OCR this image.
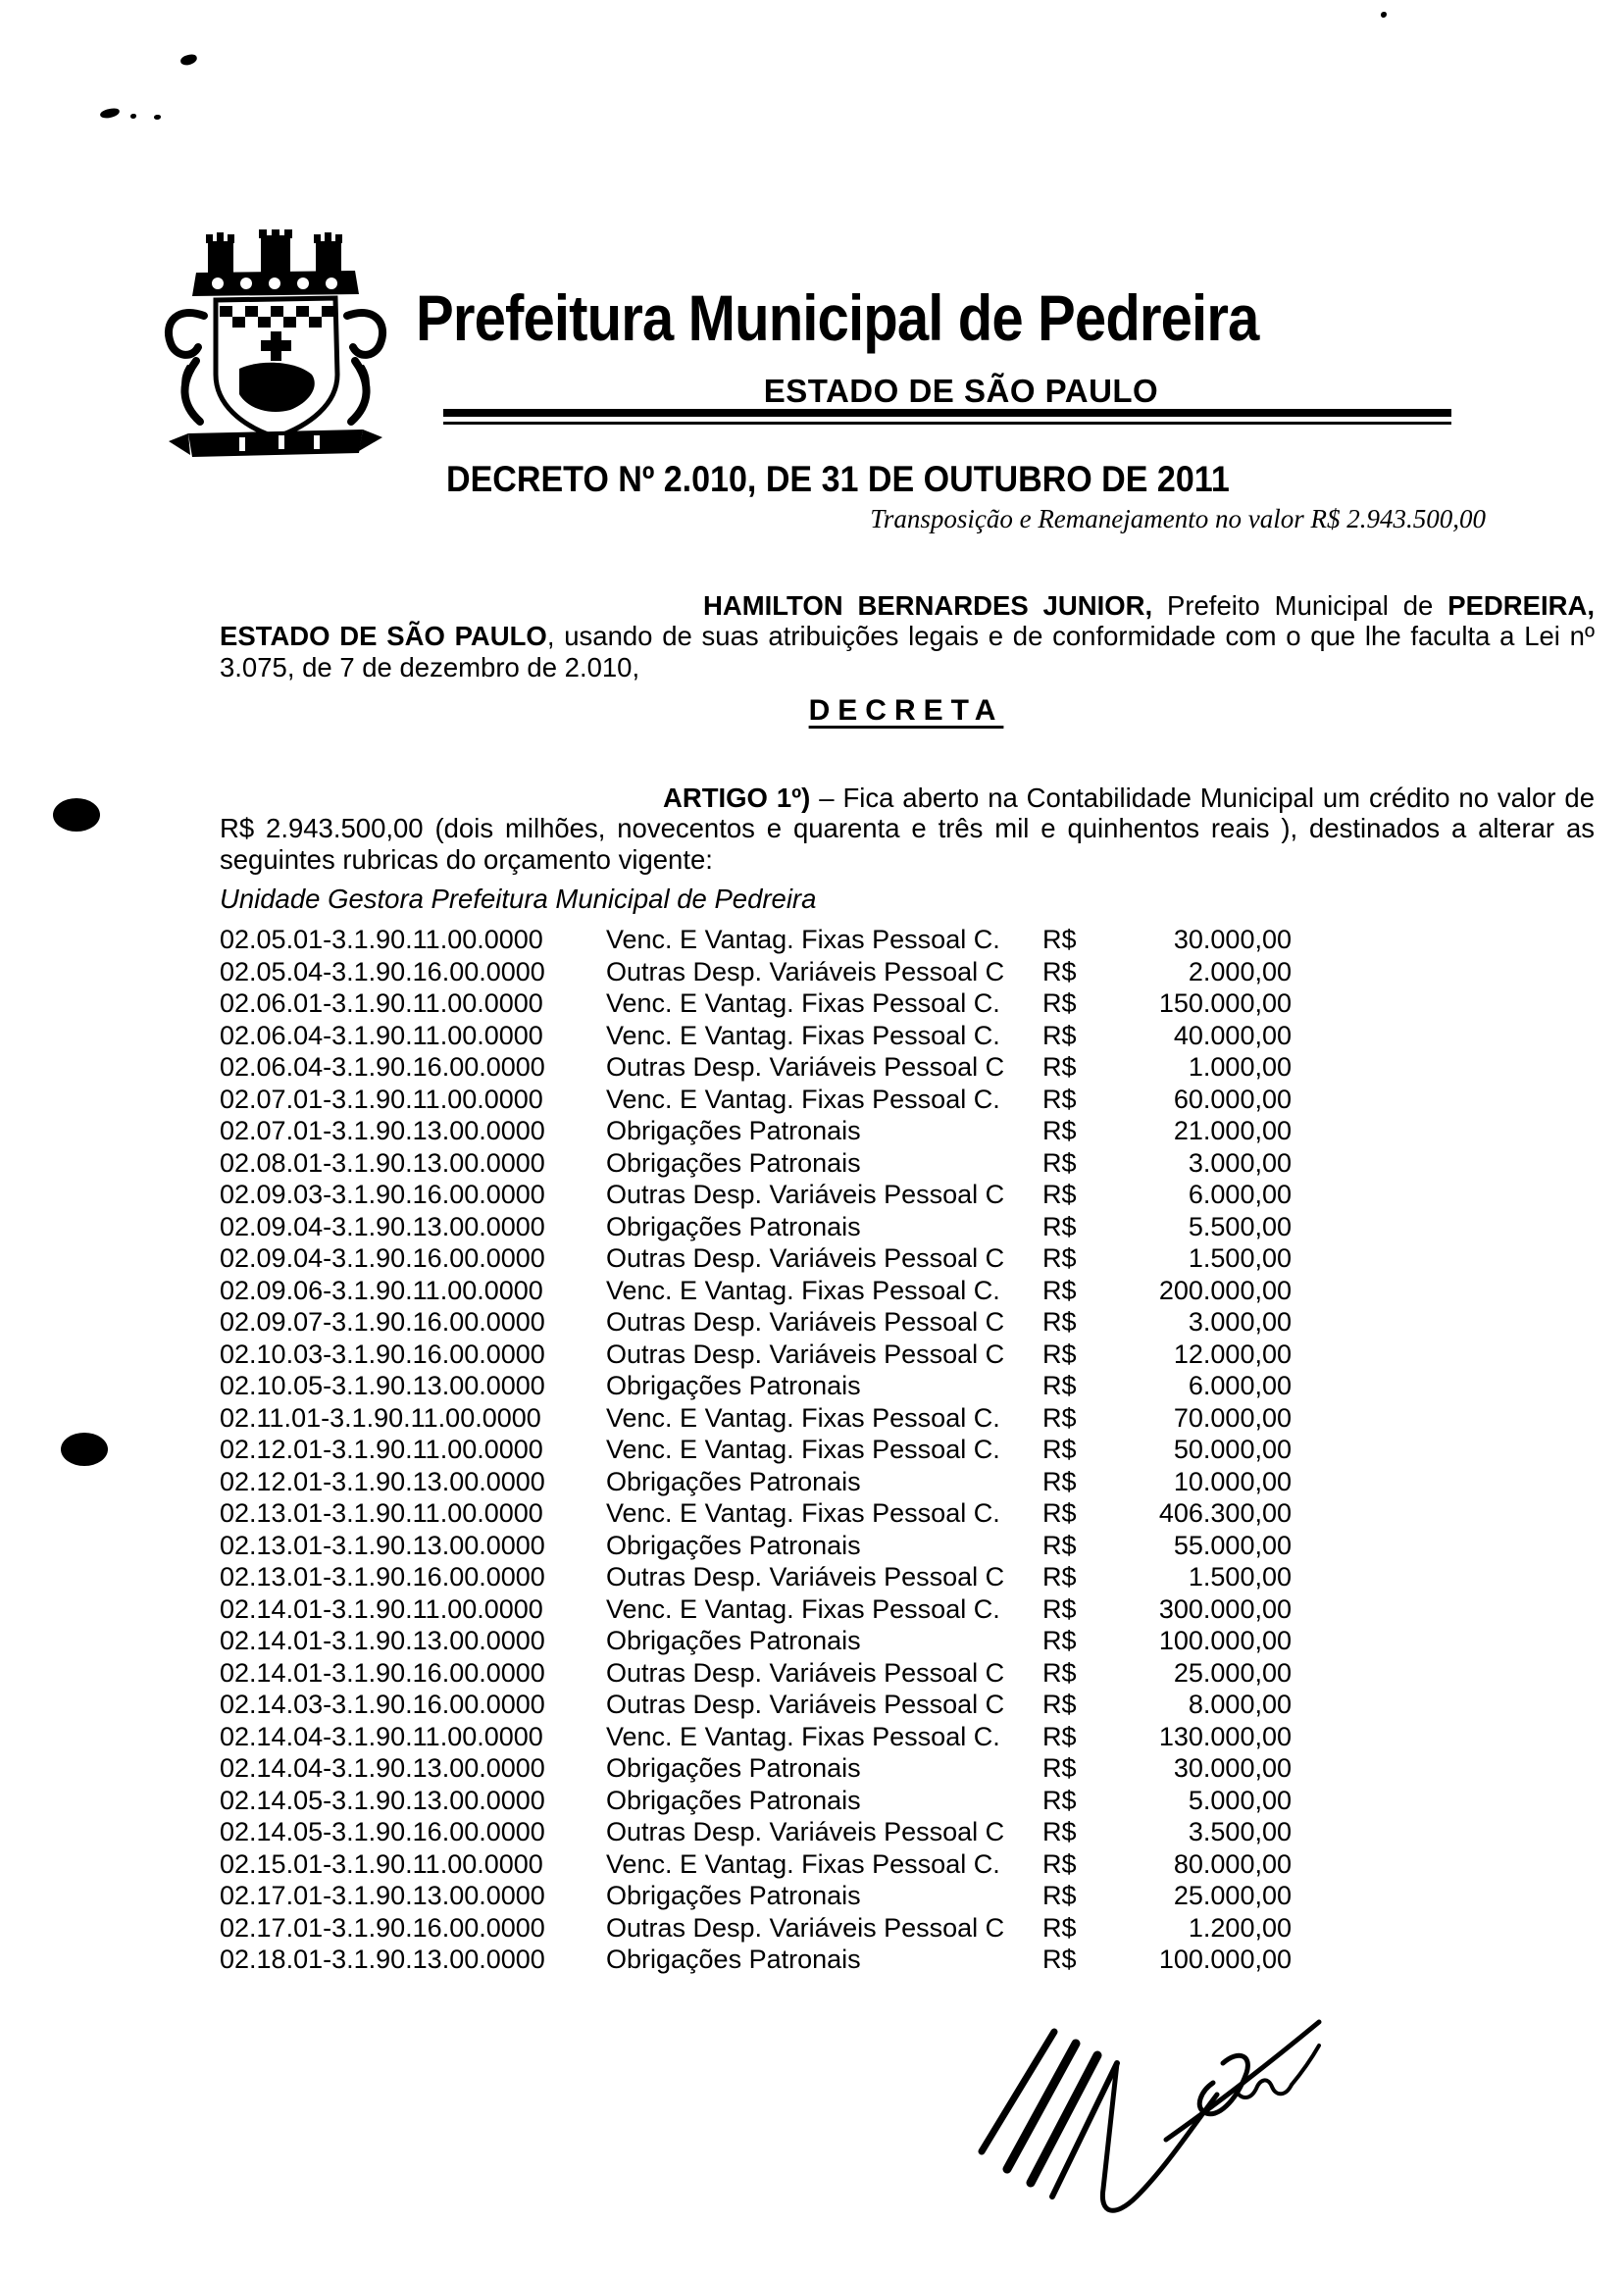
Prefeitura Municipal de Pedreira
ESTADO DE SÃO PAULO
DECRETO Nº 2.010, DE 31 DE OUTUBRO DE 2011
Transposição e Remanejamento no valor R$ 2.943.500,00

HAMILTON BERNARDES JUNIOR, Prefeito Municipal de PEDREIRA, ESTADO DE SÃO PAULO, usando de suas atribuições legais e de conformidade com o que lhe faculta a Lei nº 3.075, de 7 de dezembro de 2.010,

DECRETA

ARTIGO 1º) – Fica aberto na Contabilidade Municipal um crédito no valor de R$ 2.943.500,00 (dois milhões, novecentos e quarenta e três mil e quinhentos reais ), destinados a alterar as seguintes rubricas do orçamento vigente:

Unidade Gestora Prefeitura Municipal de Pedreira
02.05.01-3.1.90.11.00.0000	Venc. E Vantag. Fixas Pessoal C.	R$	30.000,00
02.05.04-3.1.90.16.00.0000	Outras Desp. Variáveis Pessoal C	R$	2.000,00
02.06.01-3.1.90.11.00.0000	Venc. E Vantag. Fixas Pessoal C.	R$	150.000,00
02.06.04-3.1.90.11.00.0000	Venc. E Vantag. Fixas Pessoal C.	R$	40.000,00
02.06.04-3.1.90.16.00.0000	Outras Desp. Variáveis Pessoal C	R$	1.000,00
02.07.01-3.1.90.11.00.0000	Venc. E Vantag. Fixas Pessoal C.	R$	60.000,00
02.07.01-3.1.90.13.00.0000	Obrigações Patronais	R$	21.000,00
02.08.01-3.1.90.13.00.0000	Obrigações Patronais	R$	3.000,00
02.09.03-3.1.90.16.00.0000	Outras Desp. Variáveis Pessoal C	R$	6.000,00
02.09.04-3.1.90.13.00.0000	Obrigações Patronais	R$	5.500,00
02.09.04-3.1.90.16.00.0000	Outras Desp. Variáveis Pessoal C	R$	1.500,00
02.09.06-3.1.90.11.00.0000	Venc. E Vantag. Fixas Pessoal C.	R$	200.000,00
02.09.07-3.1.90.16.00.0000	Outras Desp. Variáveis Pessoal C	R$	3.000,00
02.10.03-3.1.90.16.00.0000	Outras Desp. Variáveis Pessoal C	R$	12.000,00
02.10.05-3.1.90.13.00.0000	Obrigações Patronais	R$	6.000,00
02.11.01-3.1.90.11.00.0000	Venc. E Vantag. Fixas Pessoal C.	R$	70.000,00
02.12.01-3.1.90.11.00.0000	Venc. E Vantag. Fixas Pessoal C.	R$	50.000,00
02.12.01-3.1.90.13.00.0000	Obrigações Patronais	R$	10.000,00
02.13.01-3.1.90.11.00.0000	Venc. E Vantag. Fixas Pessoal C.	R$	406.300,00
02.13.01-3.1.90.13.00.0000	Obrigações Patronais	R$	55.000,00
02.13.01-3.1.90.16.00.0000	Outras Desp. Variáveis Pessoal C	R$	1.500,00
02.14.01-3.1.90.11.00.0000	Venc. E Vantag. Fixas Pessoal C.	R$	300.000,00
02.14.01-3.1.90.13.00.0000	Obrigações Patronais	R$	100.000,00
02.14.01-3.1.90.16.00.0000	Outras Desp. Variáveis Pessoal C	R$	25.000,00
02.14.03-3.1.90.16.00.0000	Outras Desp. Variáveis Pessoal C	R$	8.000,00
02.14.04-3.1.90.11.00.0000	Venc. E Vantag. Fixas Pessoal C.	R$	130.000,00
02.14.04-3.1.90.13.00.0000	Obrigações Patronais	R$	30.000,00
02.14.05-3.1.90.13.00.0000	Obrigações Patronais	R$	5.000,00
02.14.05-3.1.90.16.00.0000	Outras Desp. Variáveis Pessoal C	R$	3.500,00
02.15.01-3.1.90.11.00.0000	Venc. E Vantag. Fixas Pessoal C.	R$	80.000,00
02.17.01-3.1.90.13.00.0000	Obrigações Patronais	R$	25.000,00
02.17.01-3.1.90.16.00.0000	Outras Desp. Variáveis Pessoal C	R$	1.200,00
02.18.01-3.1.90.13.00.0000	Obrigações Patronais	R$	100.000,00
